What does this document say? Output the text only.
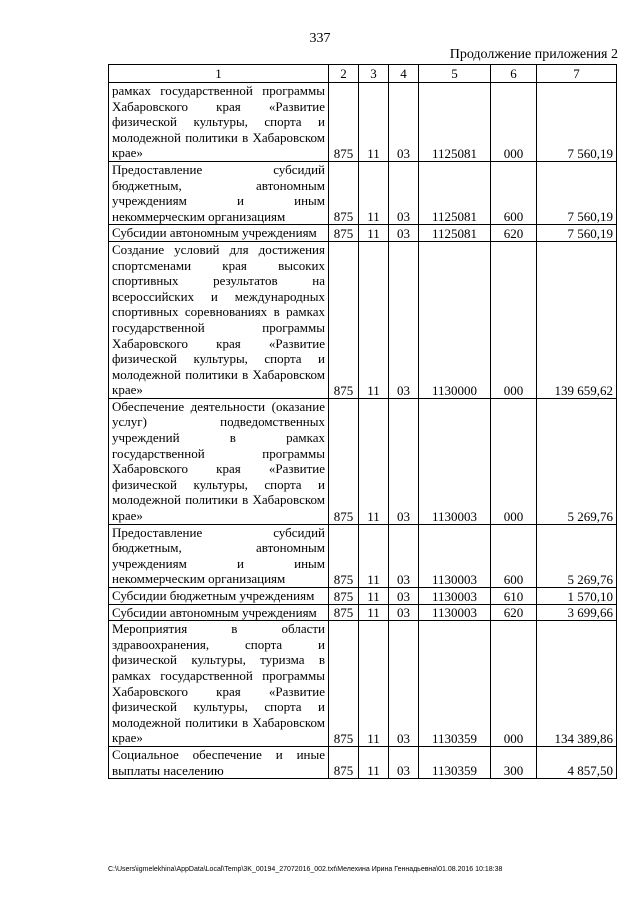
337
Продолжение приложения 2
1	2	3	4	5	6	7
рамках государственной программы Хабаровского края «Развитие физической культуры, спорта и молодежной политики в Хабаровском крае»	875	11	03	1125081	000	7 560,19
Предоставление субсидий бюджетным, автономным учреждениям и иным некоммерческим организациям	875	11	03	1125081	600	7 560,19
Субсидии автономным учреждениям	875	11	03	1125081	620	7 560,19
Создание условий для достижения спортсменами края высоких спортивных результатов на всероссийских и международных спортивных соревнованиях в рамках государственной программы Хабаровского края «Развитие физической культуры, спорта и молодежной политики в Хабаровском крае»	875	11	03	1130000	000	139 659,62
Обеспечение деятельности (оказание услуг) подведомственных учреждений в рамках государственной программы Хабаровского края «Развитие физической культуры, спорта и молодежной политики в Хабаровском крае»	875	11	03	1130003	000	5 269,76
Предоставление субсидий бюджетным, автономным учреждениям и иным некоммерческим организациям	875	11	03	1130003	600	5 269,76
Субсидии бюджетным учреждениям	875	11	03	1130003	610	1 570,10
Субсидии автономным учреждениям	875	11	03	1130003	620	3 699,66
Мероприятия в области здравоохранения, спорта и физической культуры, туризма в рамках государственной программы Хабаровского края «Развитие физической культуры, спорта и молодежной политики в Хабаровском крае»	875	11	03	1130359	000	134 389,86
Социальное обеспечение и иные выплаты населению	875	11	03	1130359	300	4 857,50
C:\Users\igmelekhina\AppData\Local\Temp\3K_00194_27072016_002.txt\Мелехина Ирина Геннадьевна\01.08.2016 10:18:38
